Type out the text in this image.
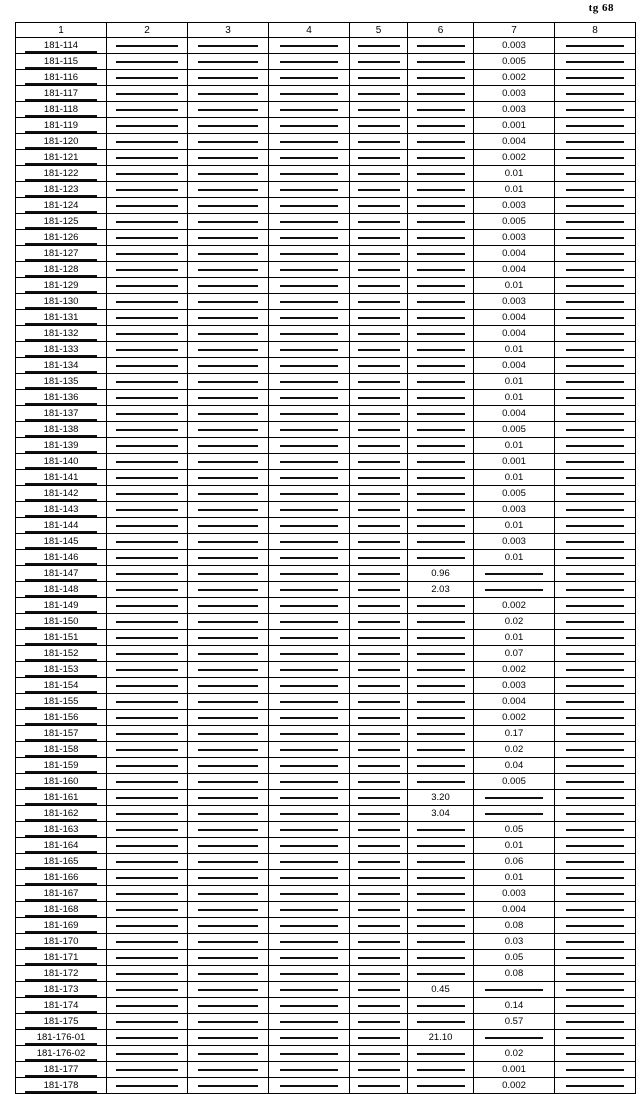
tg 68
1	2	3	4	5	6	7	8
181-114						0.003	

181-115						0.005	

181-116						0.002	

181-117						0.003	

181-118						0.003	

181-119						0.001	

181-120						0.004	

181-121						0.002	

181-122						0.01	

181-123						0.01	

181-124						0.003	

181-125						0.005	

181-126						0.003	

181-127						0.004	

181-128						0.004	

181-129						0.01	

181-130						0.003	

181-131						0.004	

181-132						0.004	

181-133						0.01	

181-134						0.004	

181-135						0.01	

181-136						0.01	

181-137						0.004	

181-138						0.005	

181-139						0.01	

181-140						0.001	

181-141						0.01	

181-142						0.005	

181-143						0.003	

181-144						0.01	

181-145						0.003	

181-146						0.01	

181-147					0.96	

181-148					2.03	

181-149						0.002	

181-150						0.02	

181-151						0.01	

181-152						0.07	

181-153						0.002	

181-154						0.003	

181-155						0.004	

181-156						0.002	

181-157						0.17	

181-158						0.02	

181-159						0.04	

181-160						0.005	

181-161					3.20	

181-162					3.04	

181-163						0.05	

181-164						0.01	

181-165						0.06	

181-166						0.01	

181-167						0.003	

181-168						0.004	

181-169						0.08	

181-170						0.03	

181-171						0.05	

181-172						0.08	

181-173					0.45	

181-174						0.14	

181-175						0.57	

181-176-01					21.10	

181-176-02						0.02	

181-177						0.001	

181-178						0.002	
